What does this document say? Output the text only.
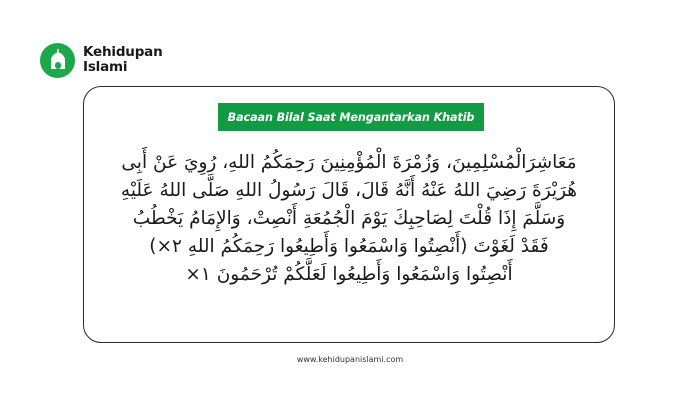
Kehidupan
Islami
Bacaan Bilal Saat Mengantarkan Khatib
مَعَاشِرَالْمُسْلِمِينَ، وَزُمْرَةَ الْمُؤْمِنِينَ رَحِمَكُمُ اللهِ، رُوِيَ عَنْ أَبِى
هُرَيْرَةَ رَضِيَ اللهُ عَنْهُ أَنَّهُ قَالَ، قَالَ رَسُولُ اللهِ صَلَّى اللهُ عَلَيْهِ
وَسَلَّمَ إِذَا قُلْتَ لِصَاحِبِكَ يَوْمَ الْجُمُعَةِ أَنْصِتْ، وَالإِمَامُ يَخْطُبُ
فَقَدْ لَغَوْتَ (أَنْصِتُوا وَاسْمَعُوا وَأَطِيعُوا رَحِمَكُمُ اللهِ ٢×)
أَنْصِتُوا وَاسْمَعُوا وَأَطِيعُوا لَعَلَّكُمْ تُرْحَمُونَ ١×
www.kehidupanislami.com
